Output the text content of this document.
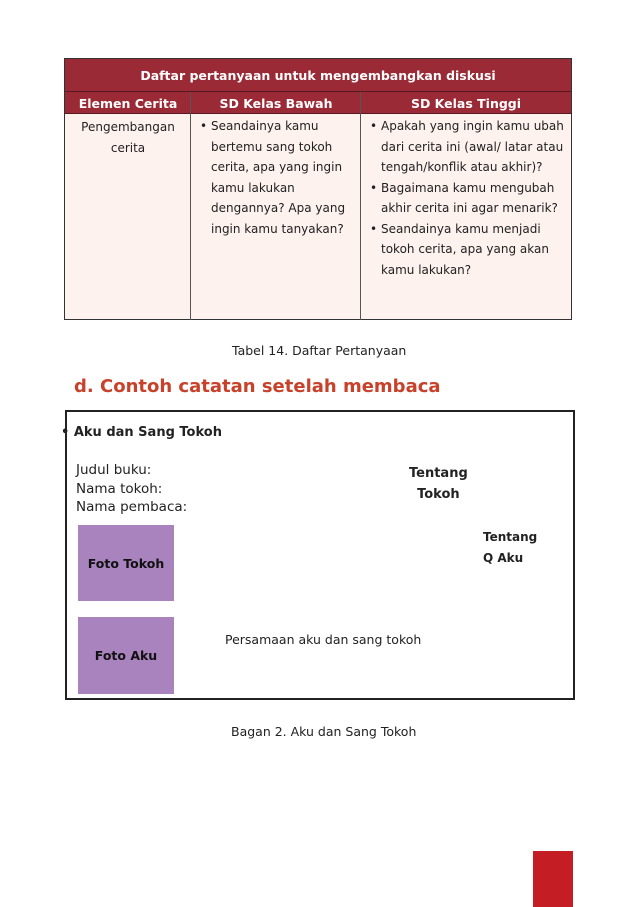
Daftar pertanyaan untuk mengembangkan diskusi
Elemen Cerita	SD Kelas Bawah	SD Kelas Tinggi
Pengembangan
cerita
• Seandainya kamu bertemu sang tokoh cerita, apa yang ingin kamu lakukan dengannya? Apa yang ingin kamu tanyakan?
• Apakah yang ingin kamu ubah dari cerita ini (awal/ latar atau tengah/konflik atau akhir)?
• Bagaimana kamu mengubah akhir cerita ini agar menarik?
• Seandainya kamu menjadi tokoh cerita, apa yang akan kamu lakukan?
Tabel 14. Daftar Pertanyaan
d. Contoh catatan setelah membaca
• Aku dan Sang Tokoh
Judul buku:
Nama tokoh:
Nama pembaca:
Tentang
Tokoh
Tentang
Q Aku
Foto Tokoh
Foto Aku
Persamaan aku dan sang tokoh
Bagan 2. Aku dan Sang Tokoh
